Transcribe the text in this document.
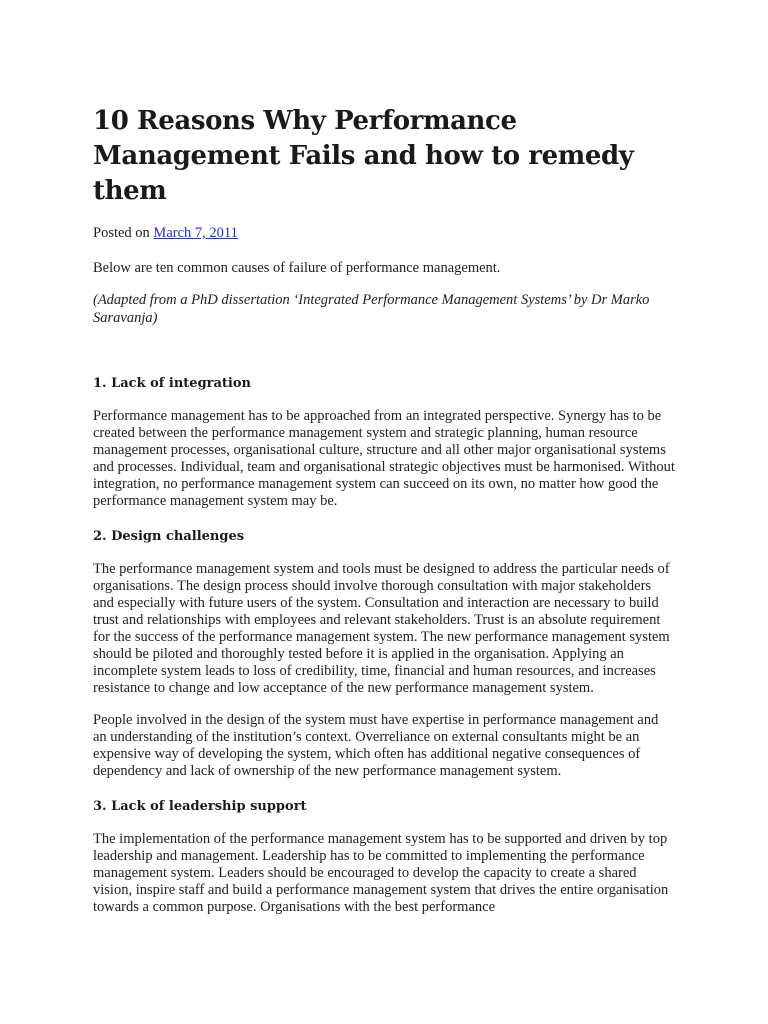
10 Reasons Why Performance Management Fails and how to remedy them
Posted on March 7, 2011
Below are ten common causes of failure of performance management.
(Adapted from a PhD dissertation ‘Integrated Performance Management Systems’ by Dr Marko Saravanja)
1. Lack of integration

Performance management has to be approached from an integrated perspective. Synergy has to be created between the performance management system and strategic planning, human resource management processes, organisational culture, structure and all other major organisational systems and processes. Individual, team and organisational strategic objectives must be harmonised. Without integration, no performance management system can succeed on its own, no matter how good the performance management system may be.

2. Design challenges

The performance management system and tools must be designed to address the particular needs of organisations. The design process should involve thorough consultation with major stakeholders and especially with future users of the system. Consultation and interaction are necessary to build trust and relationships with employees and relevant stakeholders. Trust is an absolute requirement for the success of the performance management system. The new performance management system should be piloted and thoroughly tested before it is applied in the organisation. Applying an incomplete system leads to loss of credibility, time, financial and human resources, and increases resistance to change and low acceptance of the new performance management system.

People involved in the design of the system must have expertise in performance management and an understanding of the institution’s context. Overreliance on external consultants might be an expensive way of developing the system, which often has additional negative consequences of dependency and lack of ownership of the new performance management system.

3. Lack of leadership support

The implementation of the performance management system has to be supported and driven by top leadership and management. Leadership has to be committed to implementing the performance management system. Leaders should be encouraged to develop the capacity to create a shared vision, inspire staff and build a performance management system that drives the entire organisation towards a common purpose. Organisations with the best performance
